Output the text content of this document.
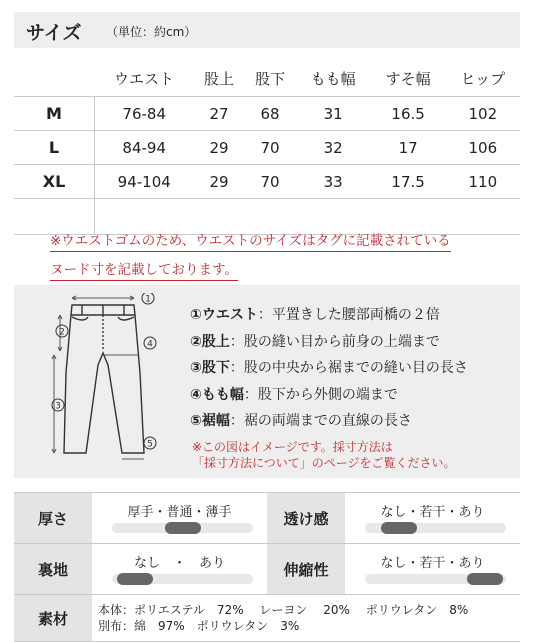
サイズ （単位：約cm）
	ウエスト	股上	股下	もも幅	すそ幅	ヒップ
M	76-84	27	68	31	16.5	102
L	84-94	29	70	32	17	106
XL	94-104	29	70	33	17.5	110

※ウエストゴムのため、ウエストのサイズはタグに記載されている
ヌード寸を記載しております。
1
2
3
4
5
①ウエスト：平置きした腰部両橋の２倍
②股上：股の縫い目から前身の上端まで
③股下：股の中央から裾までの縫い目の長さ
④もも幅：股下から外側の端まで
⑤裾幅：裾の両端までの直線の長さ
※この図はイメージです。採寸方法は
「採寸方法について」のページをご覧ください。
厚さ	厚手・普通・薄手	透け感	なし・若干・あり

裏地	なし　・　あり	伸縮性	なし・若干・あり

素材	本体：ポリエステル　72%　 レーヨン　 20%　 ポリウレタン　8%
別布：綿　97%　ポリウレタン　3%		
